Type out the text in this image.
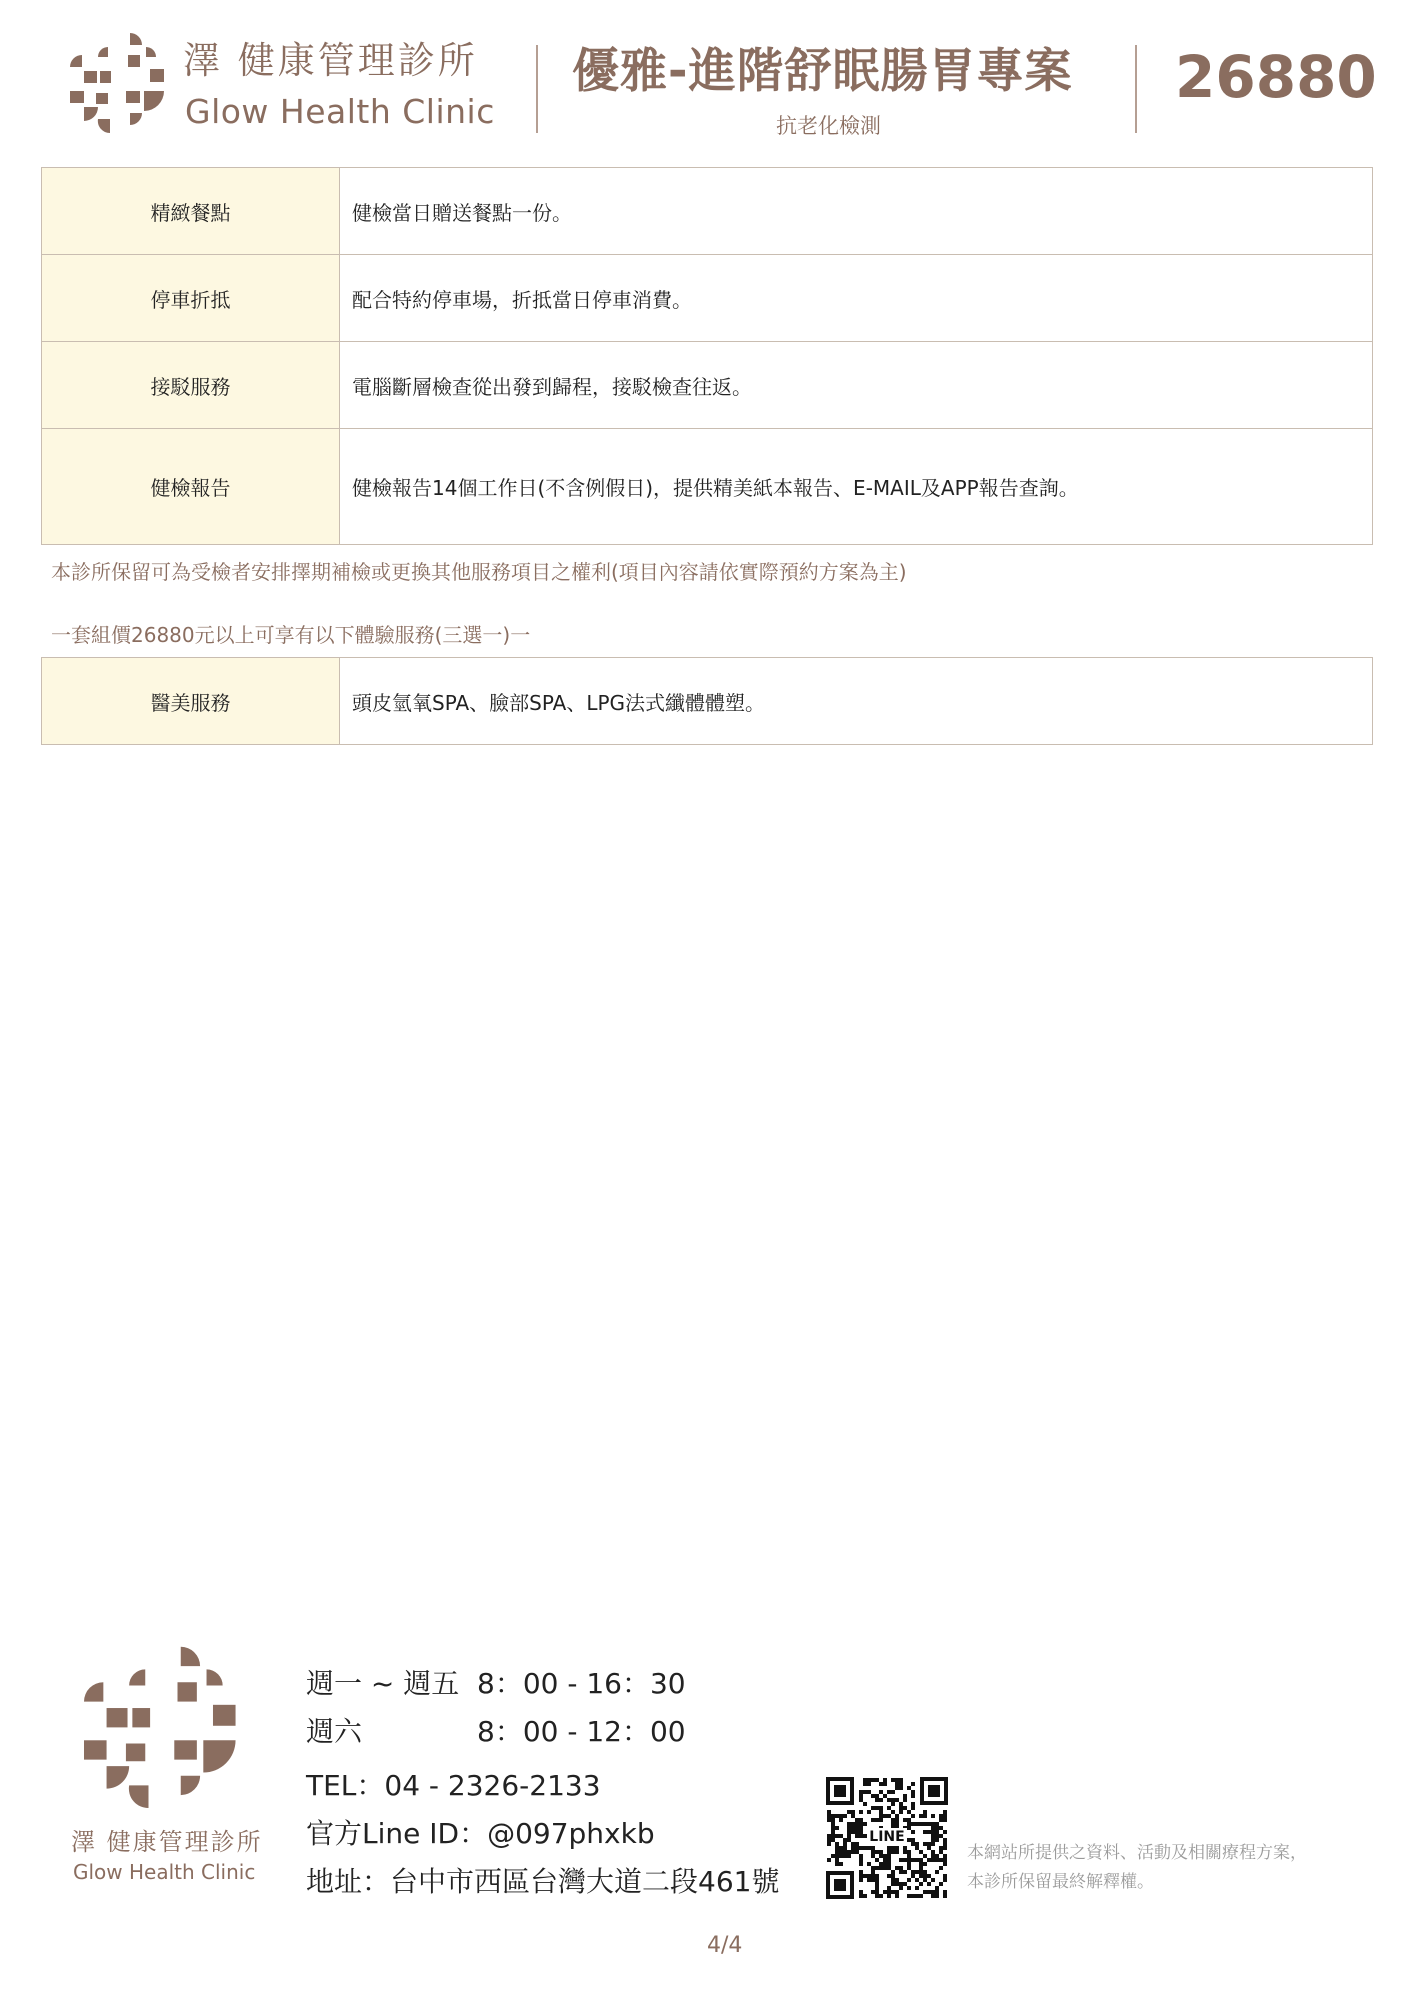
澤 健康管理診所
Glow Health Clinic
優雅-進階舒眠腸胃專案
抗老化檢測
26880
精緻餐點	健檢當日贈送餐點一份。
停車折抵	配合特約停車場，折抵當日停車消費。
接駁服務	電腦斷層檢查從出發到歸程，接駁檢查往返。
健檢報告	健檢報告14個工作日(不含例假日)，提供精美紙本報告、E-MAIL及APP報告查詢。
本診所保留可為受檢者安排擇期補檢或更換其他服務項目之權利(項目內容請依實際預約方案為主)
一套組價26880元以上可享有以下體驗服務(三選一)一
醫美服務	頭皮氫氧SPA、臉部SPA、LPG法式纖體體塑。
澤 健康管理診所
Glow Health Clinic
週一 ~ 週五 8：00 - 16：30
週六	8：00 - 12：00
TEL：04 - 2326-2133
官方Line ID：@097phxkb
地址：台中市西區台灣大道二段461號
LINE
本網站所提供之資料、活動及相關療程方案，
本診所保留最終解釋權。
4/4
